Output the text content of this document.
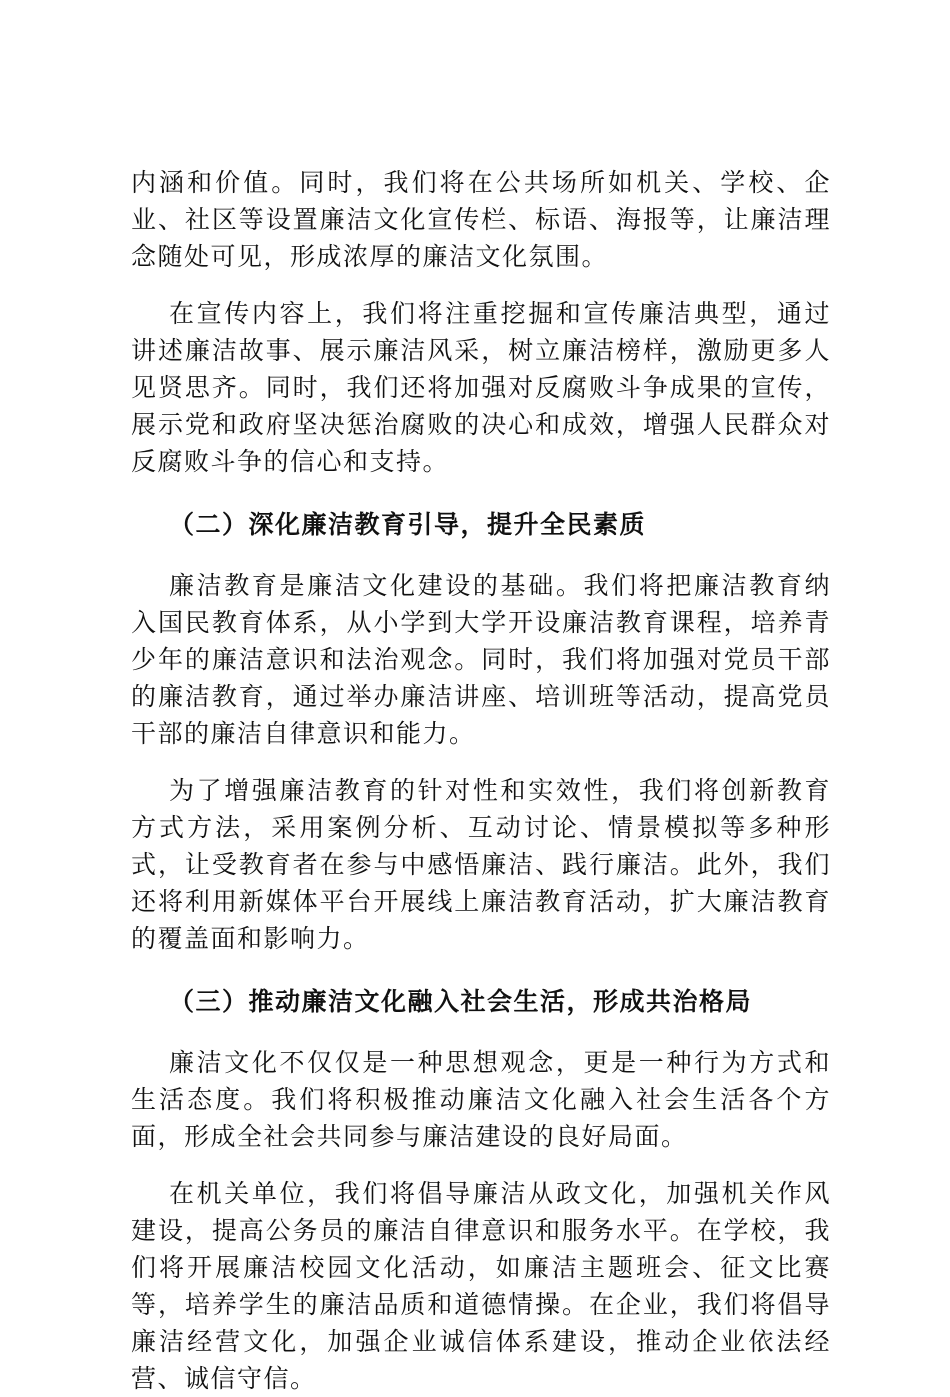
内涵和价值。同时，我们将在公共场所如机关、学校、企业、社区等设置廉洁文化宣传栏、标语、海报等，让廉洁理念随处可见，形成浓厚的廉洁文化氛围。

在宣传内容上，我们将注重挖掘和宣传廉洁典型，通过讲述廉洁故事、展示廉洁风采，树立廉洁榜样，激励更多人见贤思齐。同时，我们还将加强对反腐败斗争成果的宣传，展示党和政府坚决惩治腐败的决心和成效，增强人民群众对反腐败斗争的信心和支持。

（二）深化廉洁教育引导，提升全民素质

廉洁教育是廉洁文化建设的基础。我们将把廉洁教育纳入国民教育体系，从小学到大学开设廉洁教育课程，培养青少年的廉洁意识和法治观念。同时，我们将加强对党员干部的廉洁教育，通过举办廉洁讲座、培训班等活动，提高党员干部的廉洁自律意识和能力。

为了增强廉洁教育的针对性和实效性，我们将创新教育方式方法，采用案例分析、互动讨论、情景模拟等多种形式，让受教育者在参与中感悟廉洁、践行廉洁。此外，我们还将利用新媒体平台开展线上廉洁教育活动，扩大廉洁教育的覆盖面和影响力。

（三）推动廉洁文化融入社会生活，形成共治格局

廉洁文化不仅仅是一种思想观念，更是一种行为方式和生活态度。我们将积极推动廉洁文化融入社会生活各个方面，形成全社会共同参与廉洁建设的良好局面。

在机关单位，我们将倡导廉洁从政文化，加强机关作风建设，提高公务员的廉洁自律意识和服务水平。在学校，我们将开展廉洁校园文化活动，如廉洁主题班会、征文比赛等，培养学生的廉洁品质和道德情操。在企业，我们将倡导廉洁经营文化，加强企业诚信体系建设，推动企业依法经营、诚信守信。
